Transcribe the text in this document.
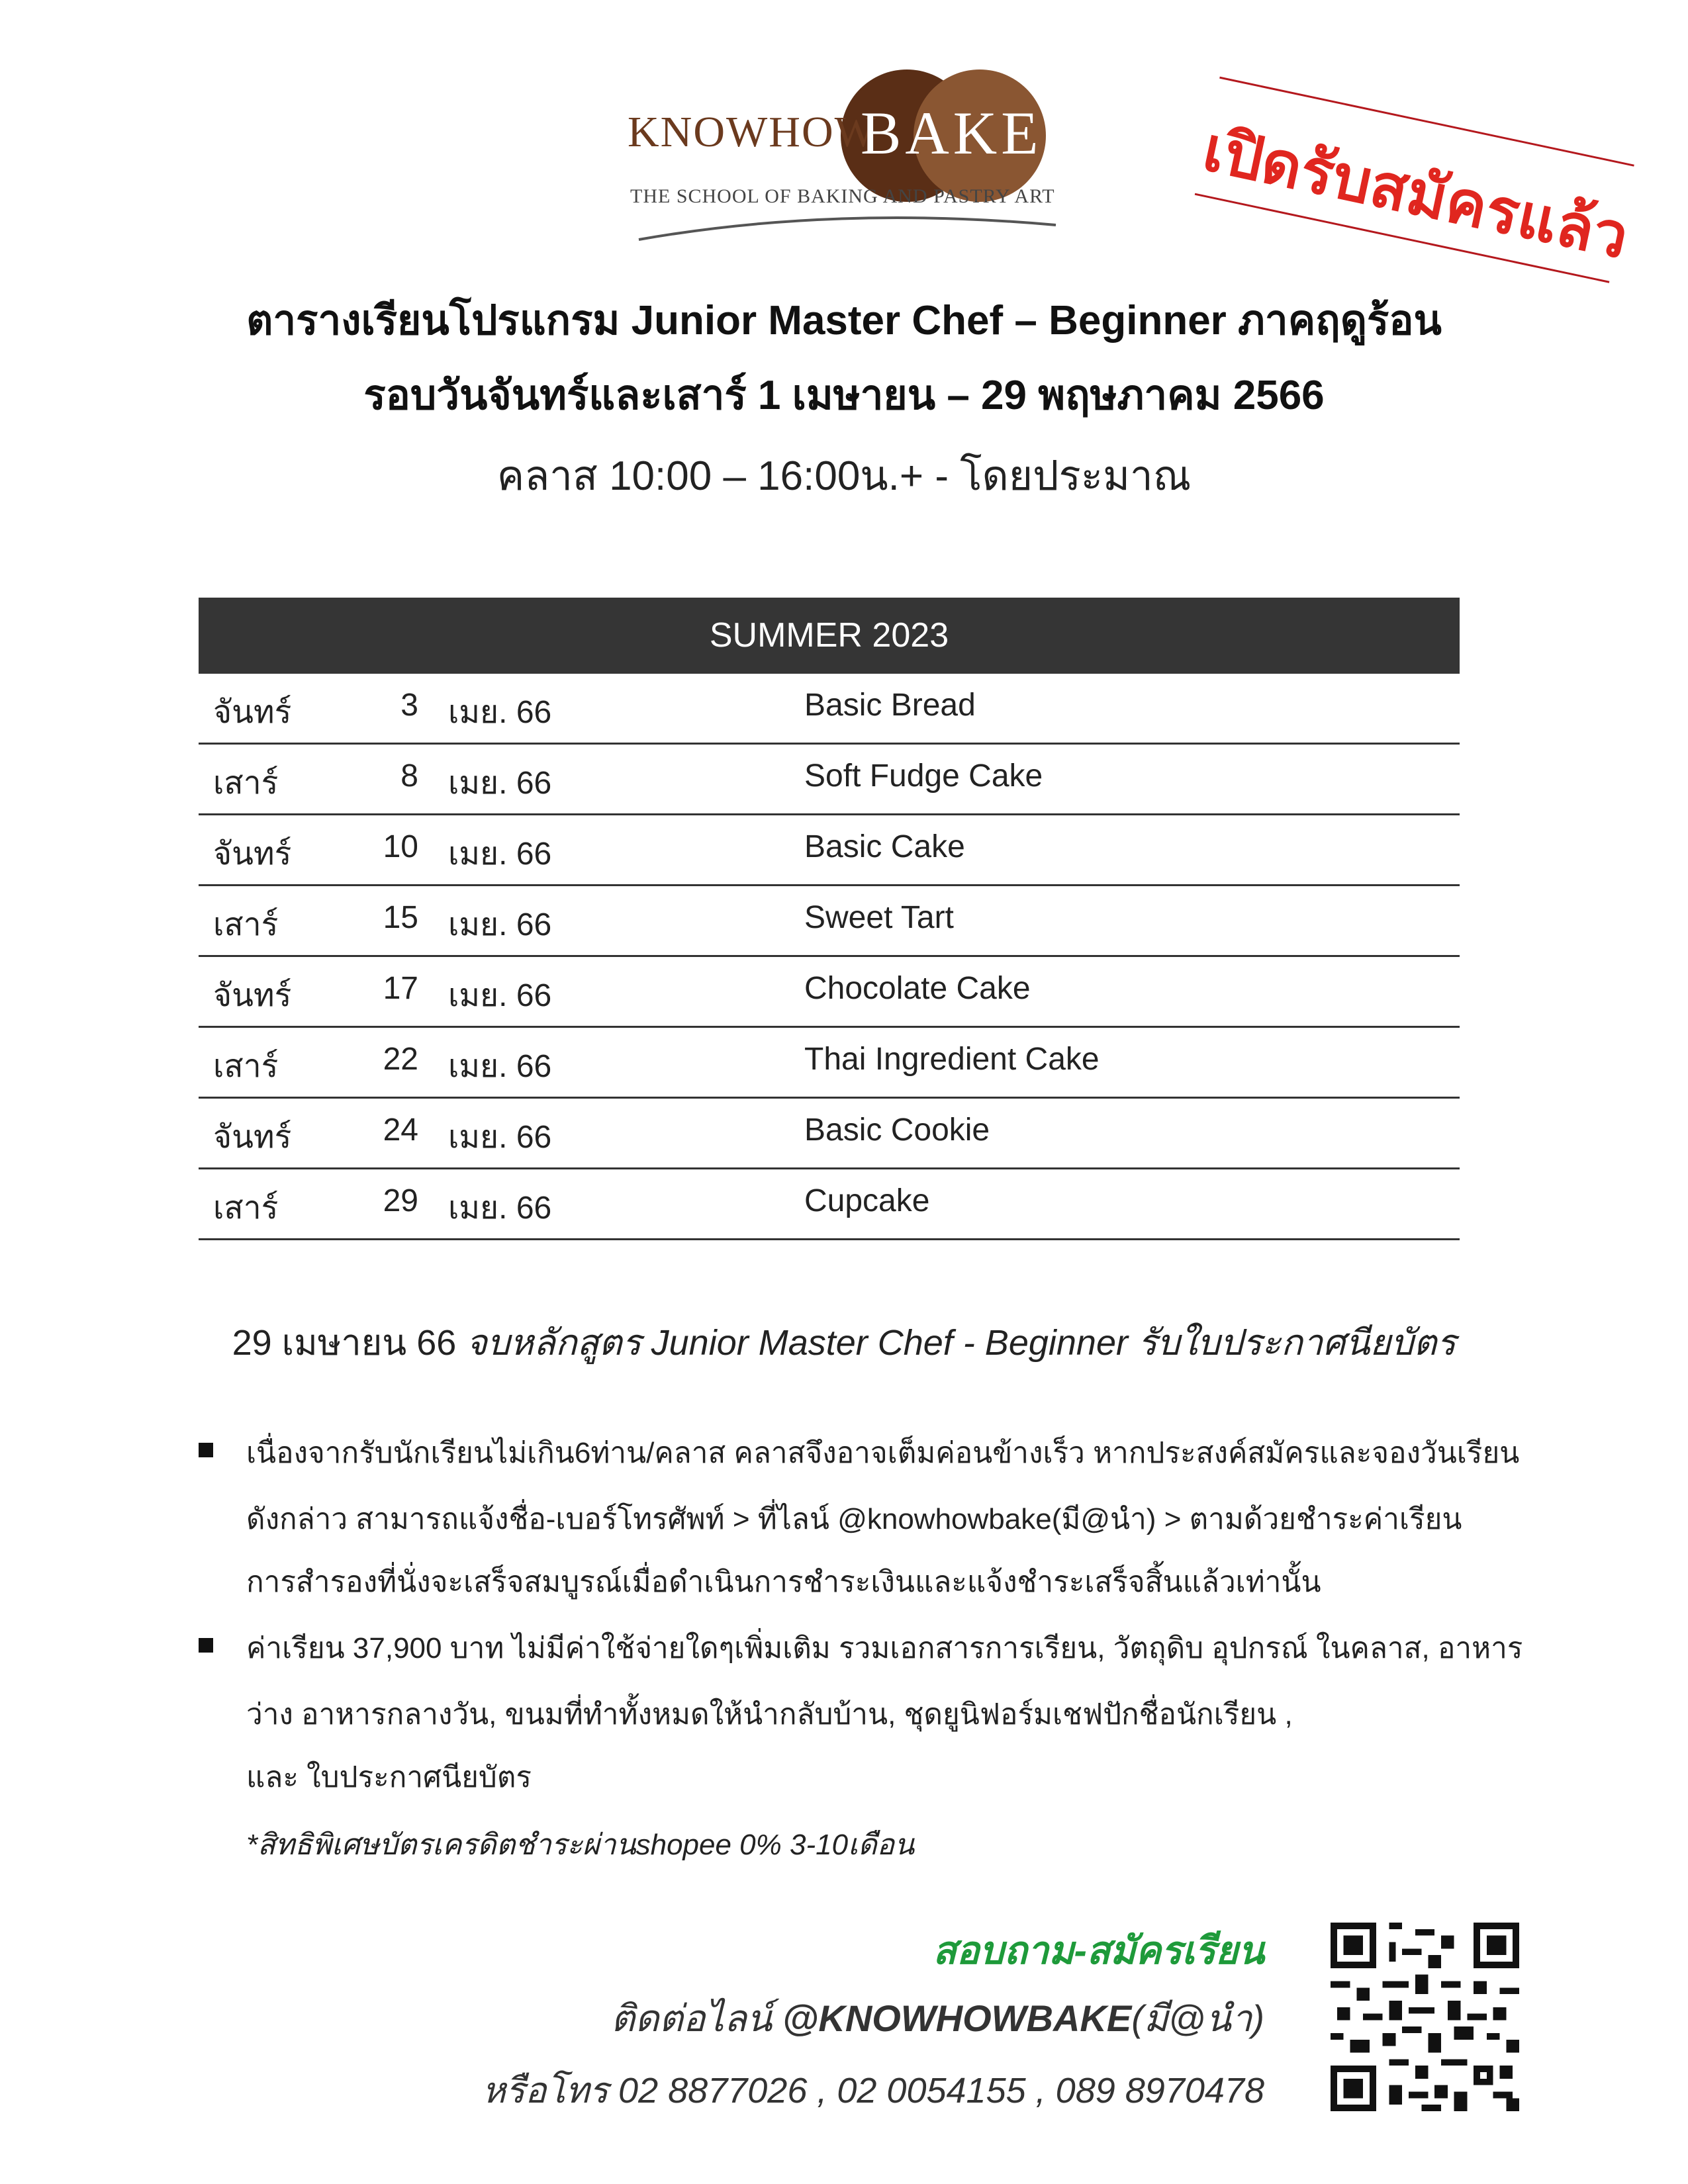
KNOWHOW
BAKE
THE SCHOOL OF BAKING AND PASTRY ART เปิดรับสมัครแล้ว
ตารางเรียนโปรแกรม Junior Master Chef – Beginner ภาคฤดูร้อน
รอบวันจันทร์และเสาร์ 1 เมษายน – 29 พฤษภาคม 2566
คลาส 10:00 – 16:00น.+ - โดยประมาณ
SUMMER 2023
จันทร์	3 เมย. 66	Basic Bread
เสาร์	8 เมย. 66	Soft Fudge Cake
จันทร์	10 เมย. 66	Basic Cake
เสาร์	15 เมย. 66	Sweet Tart
จันทร์	17 เมย. 66	Chocolate Cake
เสาร์	22 เมย. 66	Thai Ingredient Cake
จันทร์	24 เมย. 66	Basic Cookie
เสาร์	29 เมย. 66	Cupcake
29 เมษายน 66 จบหลักสูตร Junior Master Chef - Beginner รับใบประกาศนียบัตร
เนื่องจากรับนักเรียนไม่เกิน6ท่าน/คลาส คลาสจึงอาจเต็มค่อนข้างเร็ว หากประสงค์สมัครและจองวันเรียน
ดังกล่าว สามารถแจ้งชื่อ-เบอร์โทรศัพท์ > ที่ไลน์ @knowhowbake(มี@นำ) > ตามด้วยชำระค่าเรียน
การสำรองที่นั่งจะเสร็จสมบูรณ์เมื่อดำเนินการชำระเงินและแจ้งชำระเสร็จสิ้นแล้วเท่านั้น
ค่าเรียน 37,900 บาท ไม่มีค่าใช้จ่ายใดๆเพิ่มเติม รวมเอกสารการเรียน, วัตถุดิบ อุปกรณ์ ในคลาส, อาหาร
ว่าง อาหารกลางวัน, ขนมที่ทำทั้งหมดให้นำกลับบ้าน, ชุดยูนิฟอร์มเชฟปักชื่อนักเรียน ,
และ ใบประกาศนียบัตร
*สิทธิพิเศษบัตรเครดิตชำระผ่านshopee 0% 3-10เดือน
สอบถาม-สมัครเรียน
ติดต่อไลน์ @KNOWHOWBAKE(มี@นำ)
หรือโทร 02 8877026 , 02 0054155 , 089 8970478
